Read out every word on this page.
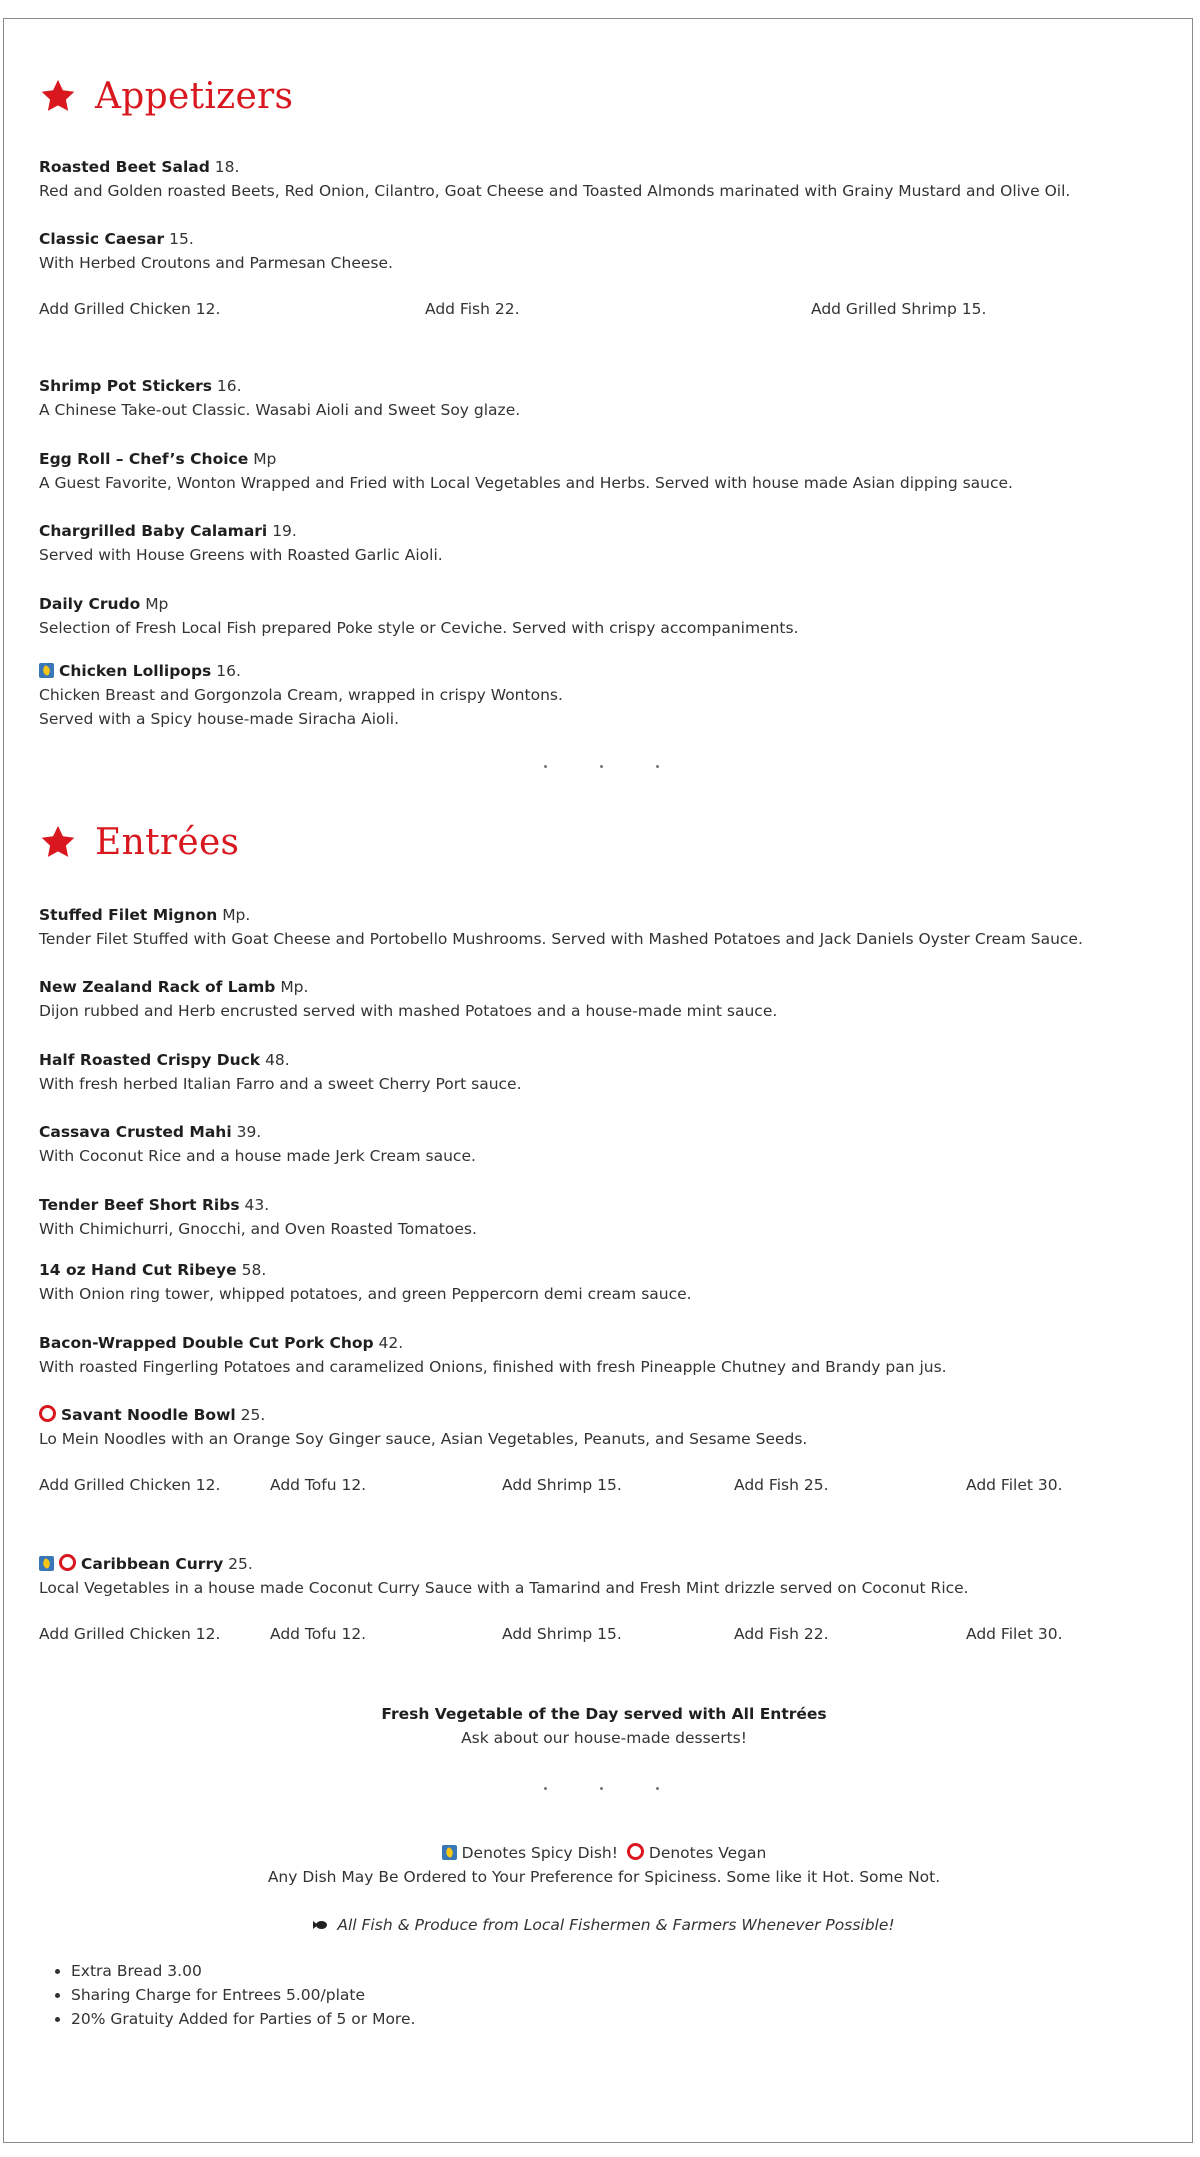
Appetizers
Roasted Beet Salad 18.
Red and Golden roasted Beets, Red Onion, Cilantro, Goat Cheese and Toasted Almonds marinated with Grainy Mustard and Olive Oil.
Classic Caesar 15.
With Herbed Croutons and Parmesan Cheese.
Add Grilled Chicken 12.	Add Fish 22.	Add Grilled Shrimp 15.
Shrimp Pot Stickers 16.
A Chinese Take-out Classic. Wasabi Aioli and Sweet Soy glaze.
Egg Roll – Chef’s Choice Mp
A Guest Favorite, Wonton Wrapped and Fried with Local Vegetables and Herbs. Served with house made Asian dipping sauce.
Chargrilled Baby Calamari 19.
Served with House Greens with Roasted Garlic Aioli.
Daily Crudo Mp
Selection of Fresh Local Fish prepared Poke style or Ceviche. Served with crispy accompaniments.
Chicken Lollipops 16.
Chicken Breast and Gorgonzola Cream, wrapped in crispy Wontons.
Served with a Spicy house-made Siracha Aioli.
Entrées
Stuffed Filet Mignon Mp.
Tender Filet Stuffed with Goat Cheese and Portobello Mushrooms. Served with Mashed Potatoes and Jack Daniels Oyster Cream Sauce.
New Zealand Rack of Lamb Mp.
Dijon rubbed and Herb encrusted served with mashed Potatoes and a house-made mint sauce.
Half Roasted Crispy Duck 48.
With fresh herbed Italian Farro and a sweet Cherry Port sauce.
Cassava Crusted Mahi 39.
With Coconut Rice and a house made Jerk Cream sauce.
Tender Beef Short Ribs 43.
With Chimichurri, Gnocchi, and Oven Roasted Tomatoes.
14 oz Hand Cut Ribeye 58.
With Onion ring tower, whipped potatoes, and green Peppercorn demi cream sauce.
Bacon-Wrapped Double Cut Pork Chop 42.
With roasted Fingerling Potatoes and caramelized Onions, finished with fresh Pineapple Chutney and Brandy pan jus.
Savant Noodle Bowl 25.
Lo Mein Noodles with an Orange Soy Ginger sauce, Asian Vegetables, Peanuts, and Sesame Seeds.
Add Grilled Chicken 12.	Add Tofu 12.	Add Shrimp 15.	Add Fish 25.	Add Filet 30.
Caribbean Curry 25.
Local Vegetables in a house made Coconut Curry Sauce with a Tamarind and Fresh Mint drizzle served on Coconut Rice.
Add Grilled Chicken 12.	Add Tofu 12.	Add Shrimp 15.	Add Fish 22.	Add Filet 30.
Fresh Vegetable of the Day served with All Entrées
Ask about our house-made desserts!
Denotes Spicy Dish! Denotes Vegan
Any Dish May Be Ordered to Your Preference for Spiciness. Some like it Hot. Some Not.
All Fish & Produce from Local Fishermen & Farmers Whenever Possible!
• Extra Bread 3.00
• Sharing Charge for Entrees 5.00/plate
• 20% Gratuity Added for Parties of 5 or More.
